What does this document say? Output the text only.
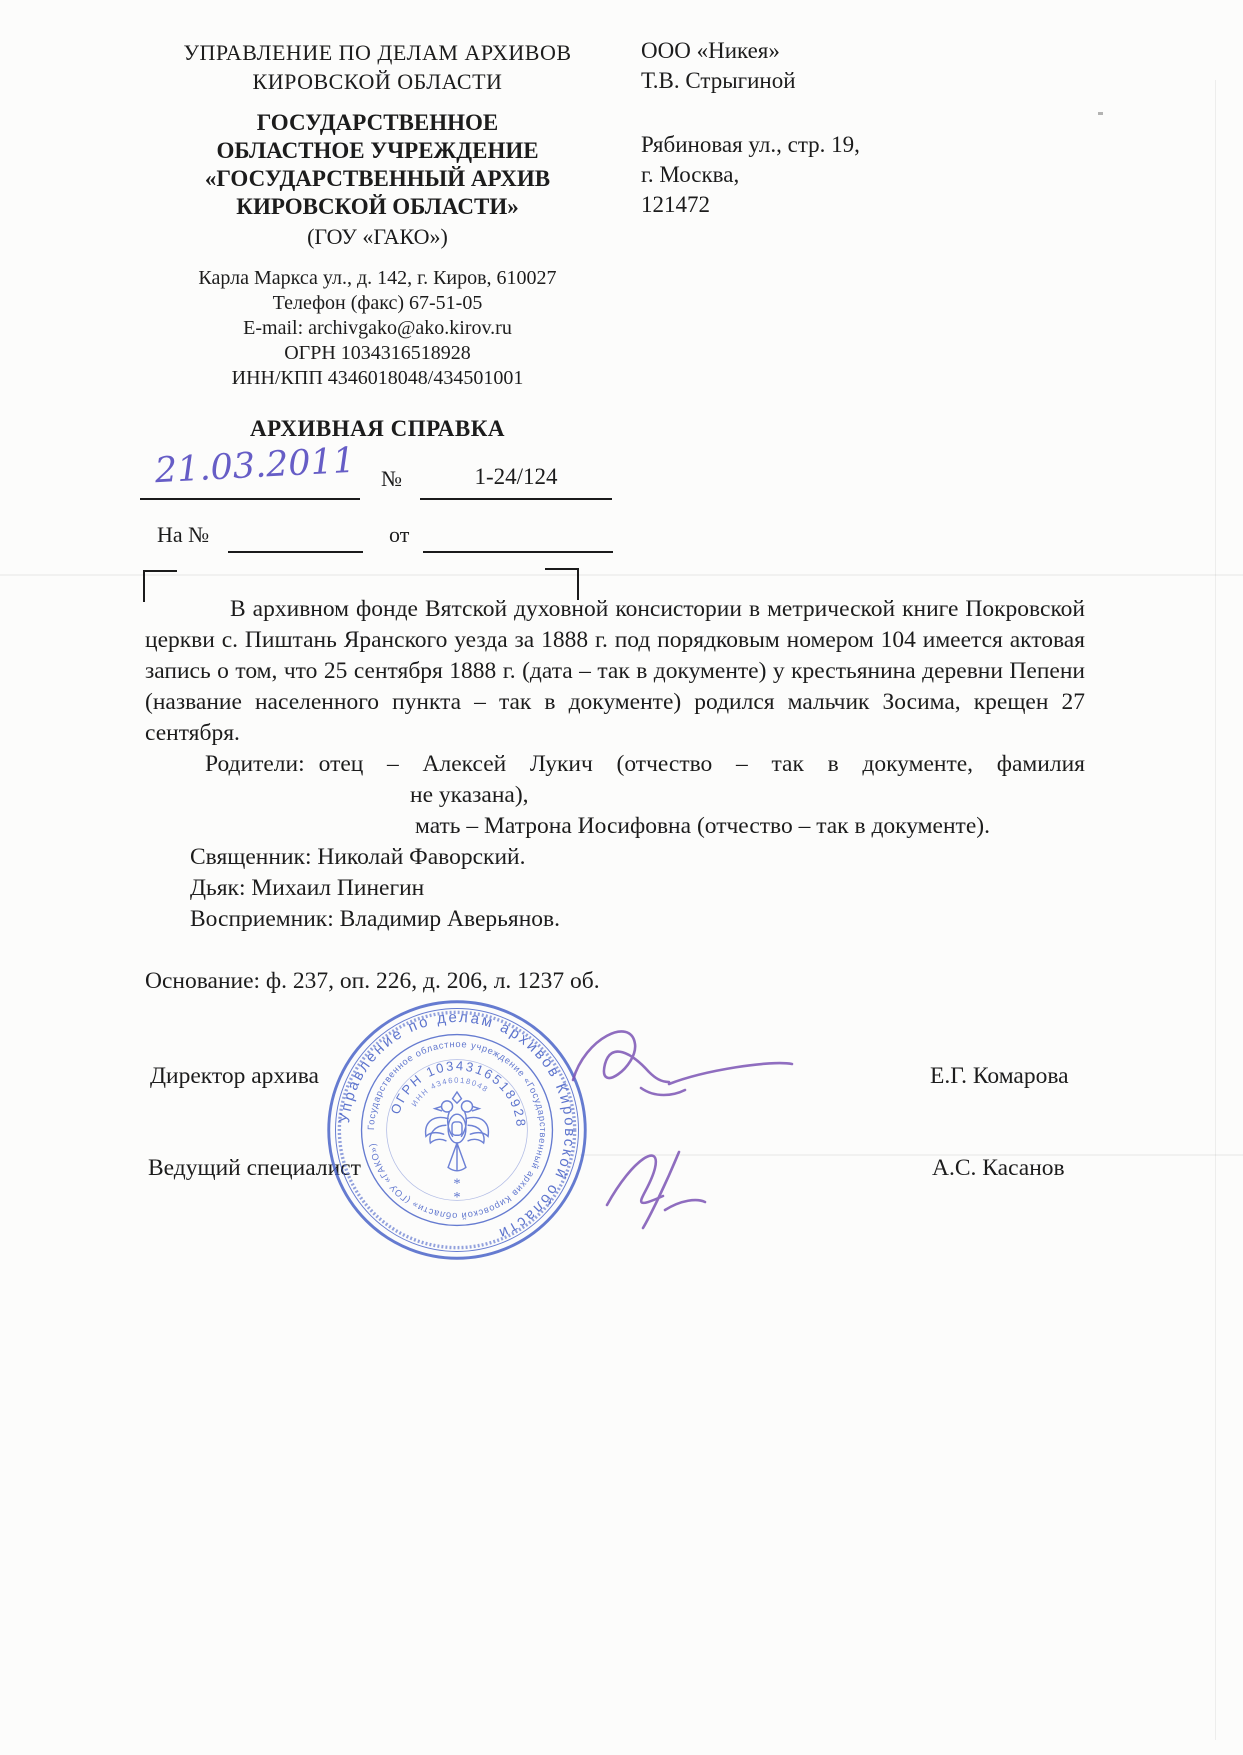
УПРАВЛЕНИЕ ПО ДЕЛАМ АРХИВОВ
КИРОВСКОЙ ОБЛАСТИ
ГОСУДАРСТВЕННОЕ
ОБЛАСТНОЕ УЧРЕЖДЕНИЕ
«ГОСУДАРСТВЕННЫЙ АРХИВ
КИРОВСКОЙ ОБЛАСТИ»
(ГОУ «ГАКО»)
Карла Маркса ул., д. 142, г. Киров, 610027
Телефон (факс) 67-51-05
E-mail: archivgako@ako.kirov.ru
ОГРН 1034316518928
ИНН/КПП 4346018048/434501001
ООО «Никея»
Т.В. Стрыгиной
Рябиновая ул., стр. 19,
г. Москва,
121472
АРХИВНАЯ СПРАВКА
21.03.2011 №	1-24/124
На №	от

В архивном фонде Вятской духовной консистории в метрической книге Покровской церкви с. Пиштань Яранского уезда за 1888 г. под порядковым номером 104 имеется актовая запись о том, что 25 сентября 1888 г. (дата – так в документе) у крестьянина деревни Пепени (название населенного пункта – так в документе) родился мальчик Зосима, крещен 27 сентября.

Родители: отец – Алексей Лукич (отчество – так в документе, фамилия
не указана),
мать – Матрона Иосифовна (отчество – так в документе).
Священник: Николай Фаворский.
Дьяк: Михаил Пинегин
Восприемник: Владимир Аверьянов.
Основание: ф. 237, оп. 226, д. 206, л. 1237 об.
Директор архива	Е.Г. Комарова
Ведущий специалист	А.С. Касанов
Управление по делам архивов Кировской области
Государственное областное учреждение «Государственный архив Кировской области» (ГОУ «ГАКО»)
ОГРН 1034316518928
ИНН 4346018048
*
*
